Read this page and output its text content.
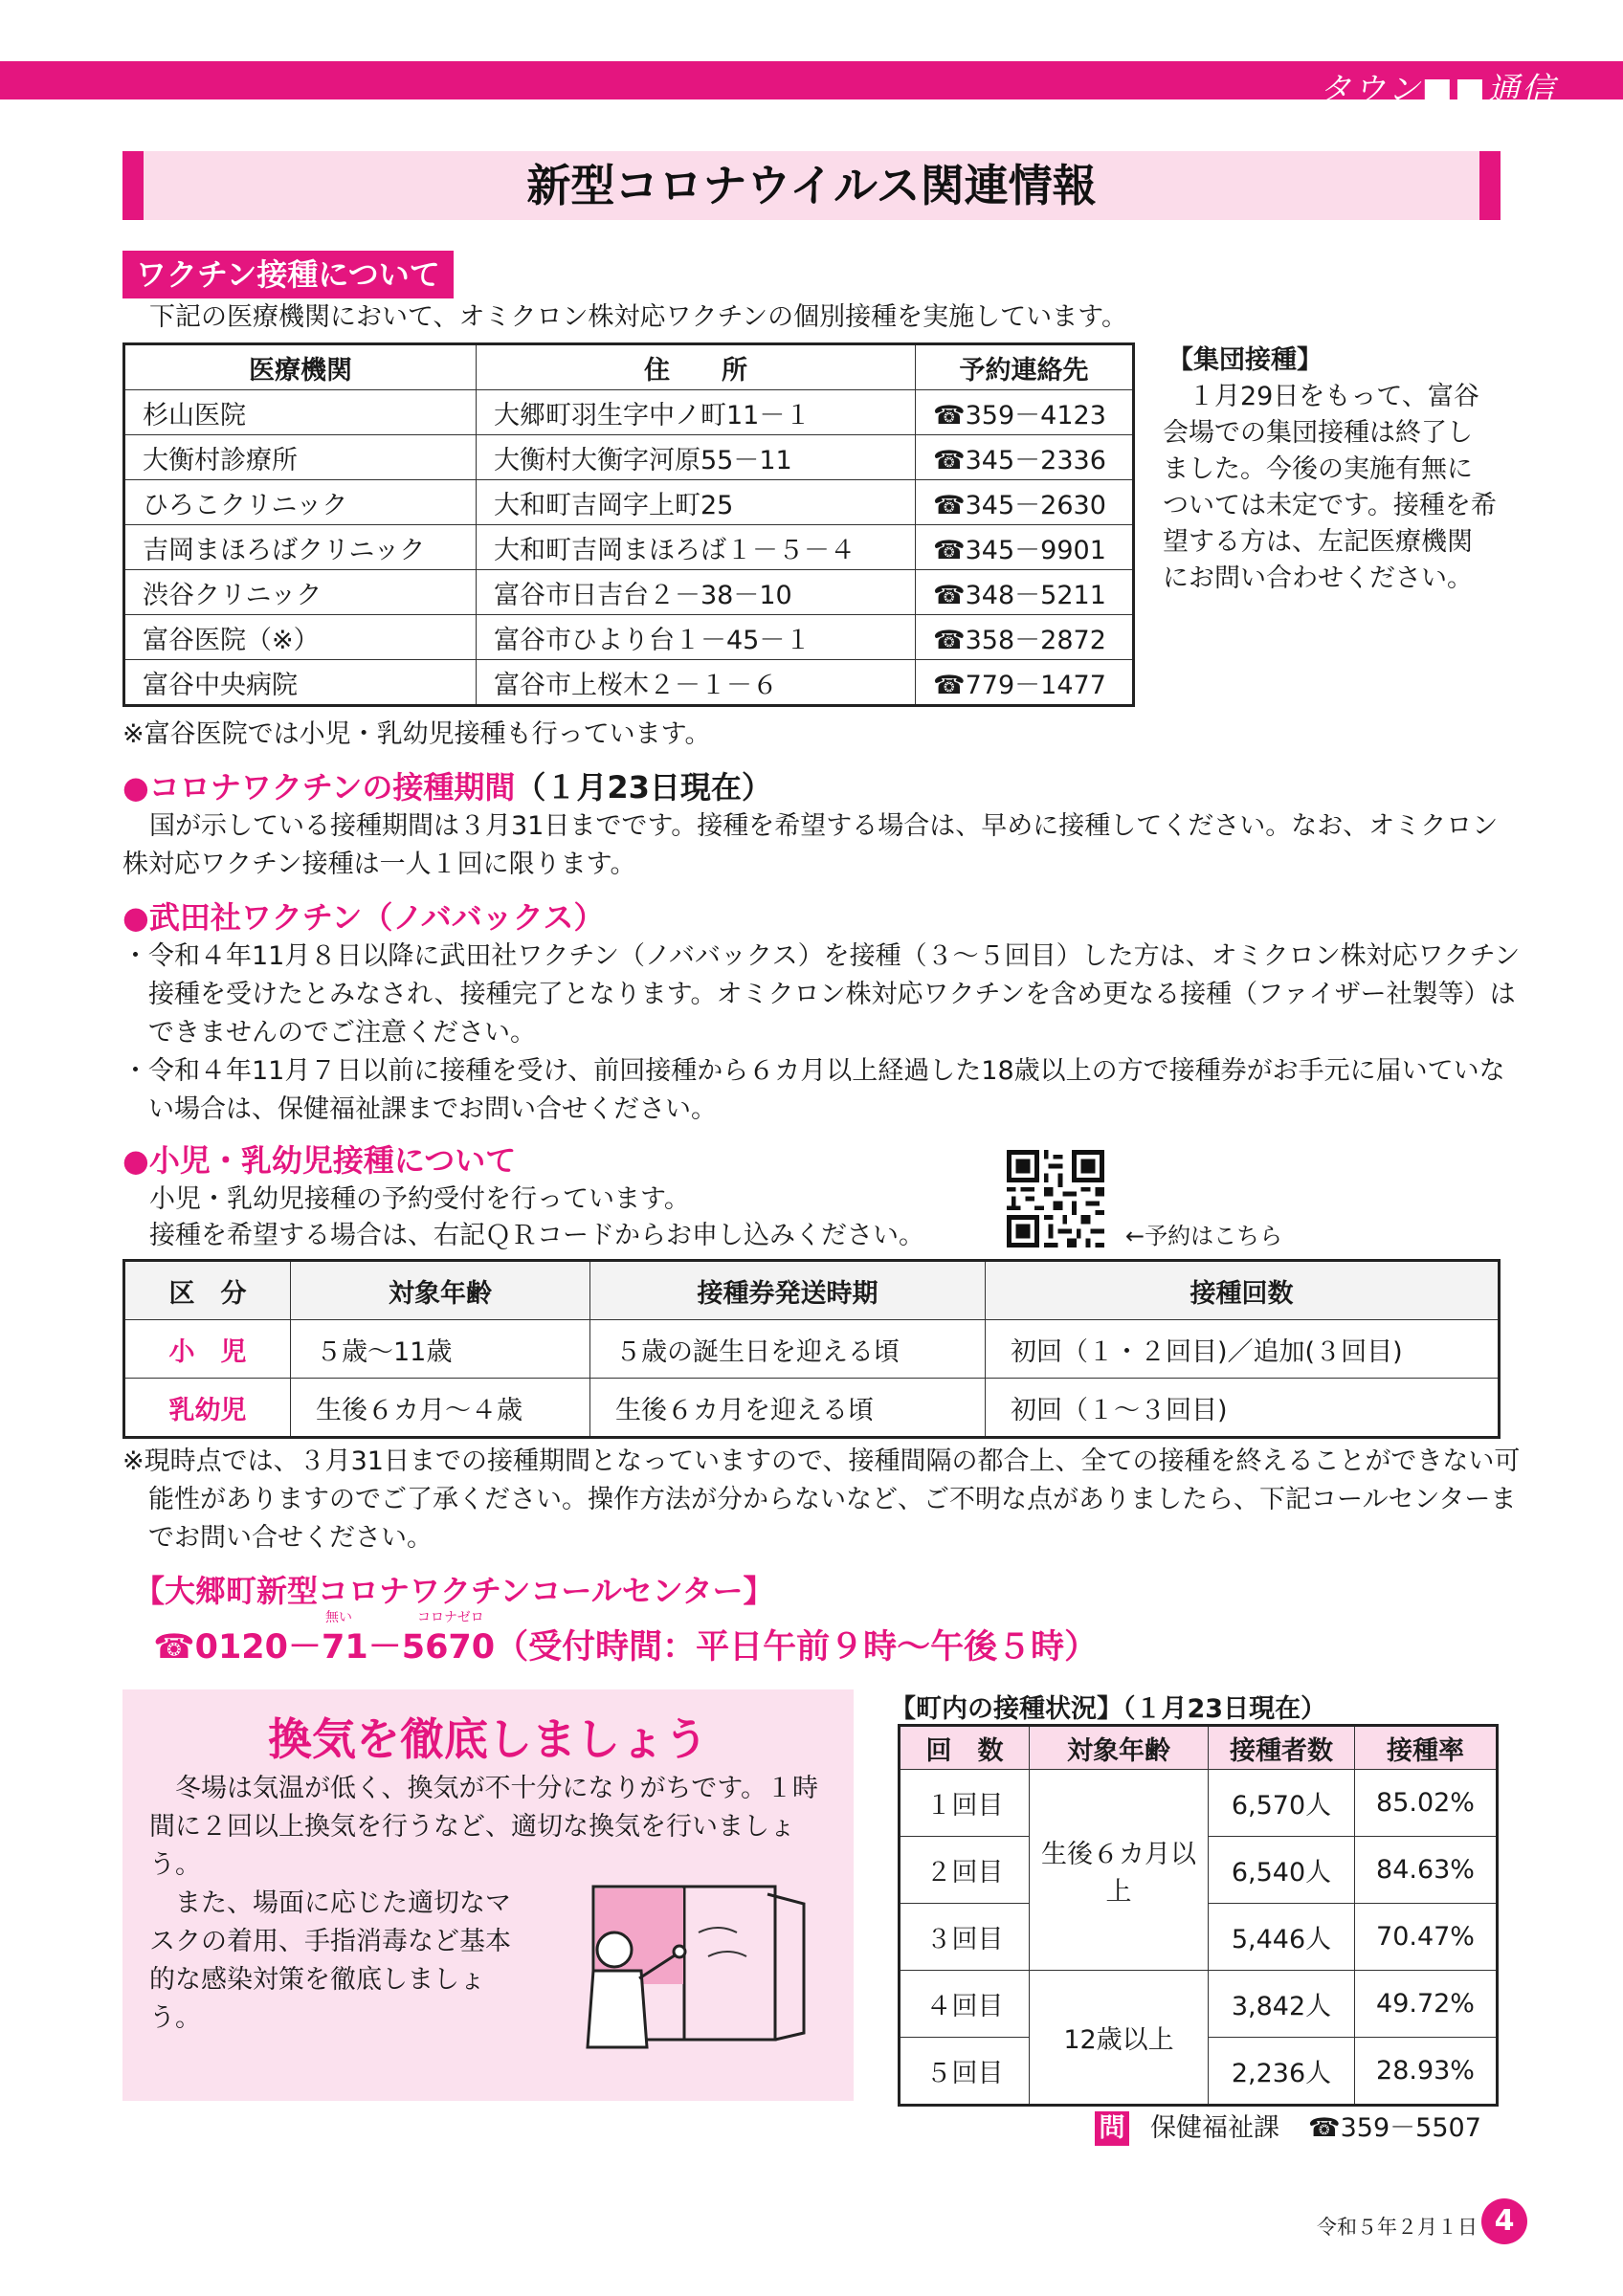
タウン■■通信
新型コロナウイルス関連情報
ワクチン接種について
下記の医療機関において、オミクロン株対応ワクチンの個別接種を実施しています。
医療機関	住　　所	予約連絡先
杉山医院	大郷町羽生字中ノ町11－１	☎359－4123
大衡村診療所	大衡村大衡字河原55－11	☎345－2336
ひろこクリニック	大和町吉岡字上町25	☎345－2630
吉岡まほろばクリニック	大和町吉岡まほろば１－５－４	☎345－9901
渋谷クリニック	富谷市日吉台２－38－10	☎348－5211
富谷医院（※）	富谷市ひより台１－45－１	☎358－2872
富谷中央病院	富谷市上桜木２－１－６	☎779－1477
【集団接種】
１月29日をもって、富谷会場での集団接種は終了しました。今後の実施有無については未定です。接種を希望する方は、左記医療機関にお問い合わせください。
※富谷医院では小児・乳幼児接種も行っています。
●コロナワクチンの接種期間（１月23日現在）
国が示している接種期間は３月31日までです。接種を希望する場合は、早めに接種してください。なお、オミクロン株対応ワクチン接種は一人１回に限ります。
●武田社ワクチン（ノババックス）
・令和４年11月８日以降に武田社ワクチン（ノババックス）を接種（３～５回目）した方は、オミクロン株対応ワクチン接種を受けたとみなされ、接種完了となります。オミクロン株対応ワクチンを含め更なる接種（ファイザー社製等）はできませんのでご注意ください。
・令和４年11月７日以前に接種を受け、前回接種から６カ月以上経過した18歳以上の方で接種券がお手元に届いていない場合は、保健福祉課までお問い合せください。
●小児・乳幼児接種について
小児・乳幼児接種の予約受付を行っています。
接種を希望する場合は、右記ＱＲコードからお申し込みください。	←予約はこちら
区　分	対象年齢	接種券発送時期	接種回数
小　児	５歳～11歳	５歳の誕生日を迎える頃	初回（１・２回目)／追加(３回目)
乳幼児	生後６カ月～４歳	生後６カ月を迎える頃	初回（１～３回目)
※現時点では、３月31日までの接種期間となっていますので、接種間隔の都合上、全ての接種を終えることができない可能性がありますのでご了承ください。操作方法が分からないなど、ご不明な点がありましたら、下記コールセンターまでお問い合せください。
【大郷町新型コロナワクチンコールセンター】
無い	コロナゼロ
☎0120－71－5670（受付時間：平日午前９時～午後５時）
換気を徹底しましょう
冬場は気温が低く、換気が不十分になりがちです。１時間に２回以上換気を行うなど、適切な換気を行いましょう。
また、場面に応じた適切なマスクの着用、手指消毒など基本的な感染対策を徹底しましょう。
【町内の接種状況】（１月23日現在）
回　数	対象年齢	接種者数	接種率
１回目	生後６カ月以上	6,570人	85.02%
２回目		6,540人	84.63%
３回目		5,446人	70.47%
４回目	12歳以上	3,842人	49.72%
５回目		2,236人	28.93%
問 保健福祉課 ☎359－5507
令和５年２月１日 4
